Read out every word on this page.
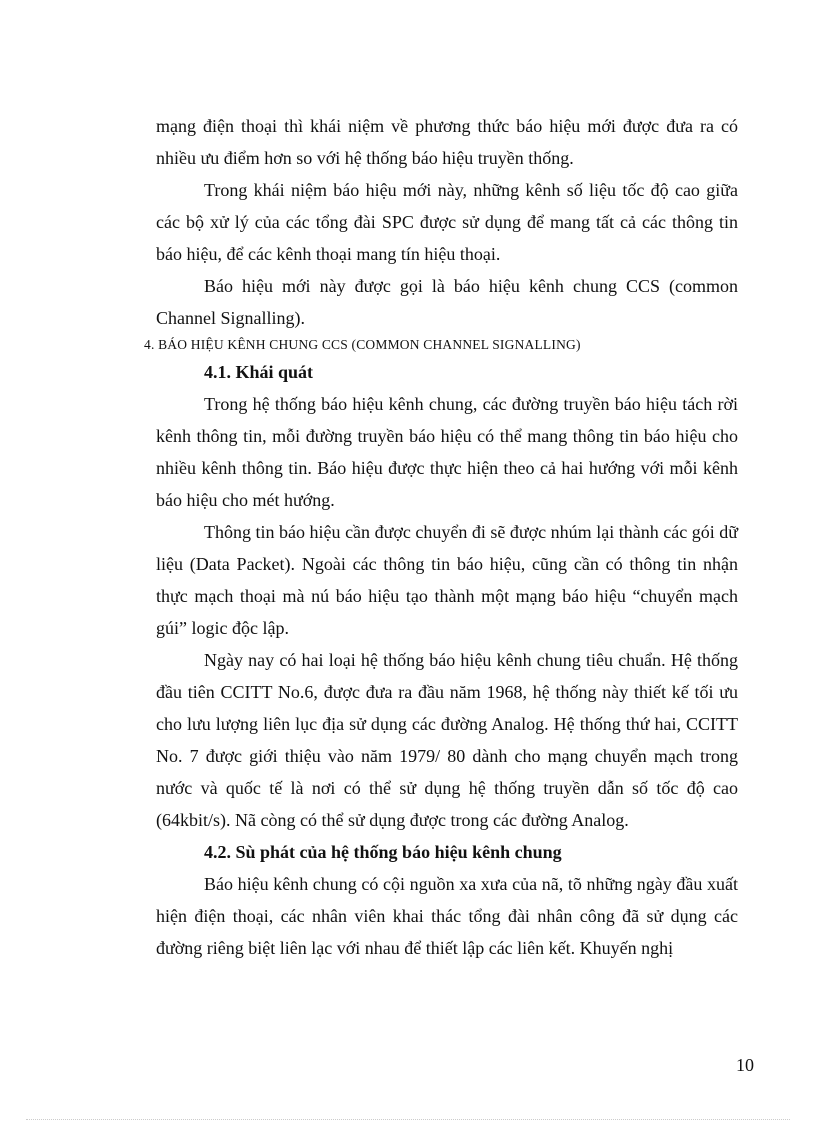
mạng điện thoại thì khái niệm về phương thức báo hiệu mới được đưa ra có nhiều ưu điểm hơn so với hệ thống báo hiệu truyền thống.

Trong khái niệm báo hiệu mới này, những kênh số liệu tốc độ cao giữa các bộ xử lý của các tổng đài SPC được sử dụng để mang tất cả các thông tin báo hiệu, để các kênh thoại mang tín hiệu thoại.

Báo hiệu mới này được gọi là báo hiệu kênh chung CCS (common Channel Signalling).

4. BÁO HIỆU KÊNH CHUNG CCS (COMMON CHANNEL SIGNALLING)

4.1. Khái quát

Trong hệ thống báo hiệu kênh chung, các đường truyền báo hiệu tách rời kênh thông tin, mỗi đường truyền báo hiệu có thể mang thông tin báo hiệu cho nhiều kênh thông tin. Báo hiệu được thực hiện theo cả hai hướng với mỗi kênh báo hiệu cho mét hướng.

Thông tin báo hiệu cần được chuyển đi sẽ được nhúm lại thành các gói dữ liệu (Data Packet). Ngoài các thông tin báo hiệu, cũng cần có thông tin nhận thực mạch thoại mà nú báo hiệu tạo thành một mạng báo hiệu “chuyển mạch gúi” logic độc lập.

Ngày nay có hai loại hệ thống báo hiệu kênh chung tiêu chuẩn. Hệ thống đầu tiên CCITT No.6, được đưa ra đầu năm 1968, hệ thống này thiết kế tối ưu cho lưu lượng liên lục địa sử dụng các đường Analog. Hệ thống thứ hai, CCITT No. 7 được giới thiệu vào năm 1979/ 80 dành cho mạng chuyển mạch trong nước và quốc tế là nơi có thể sử dụng hệ thống truyền dẫn số tốc độ cao (64kbit/s). Nã còng có thể sử dụng được trong các đường Analog.

4.2. Sù phát của hệ thống báo hiệu kênh chung

Báo hiệu kênh chung có cội nguồn xa xưa của nã, tõ những ngày đầu xuất hiện điện thoại, các nhân viên khai thác tổng đài nhân công đã sử dụng các đường riêng biệt liên lạc với nhau để thiết lập các liên kết. Khuyến nghị

10
